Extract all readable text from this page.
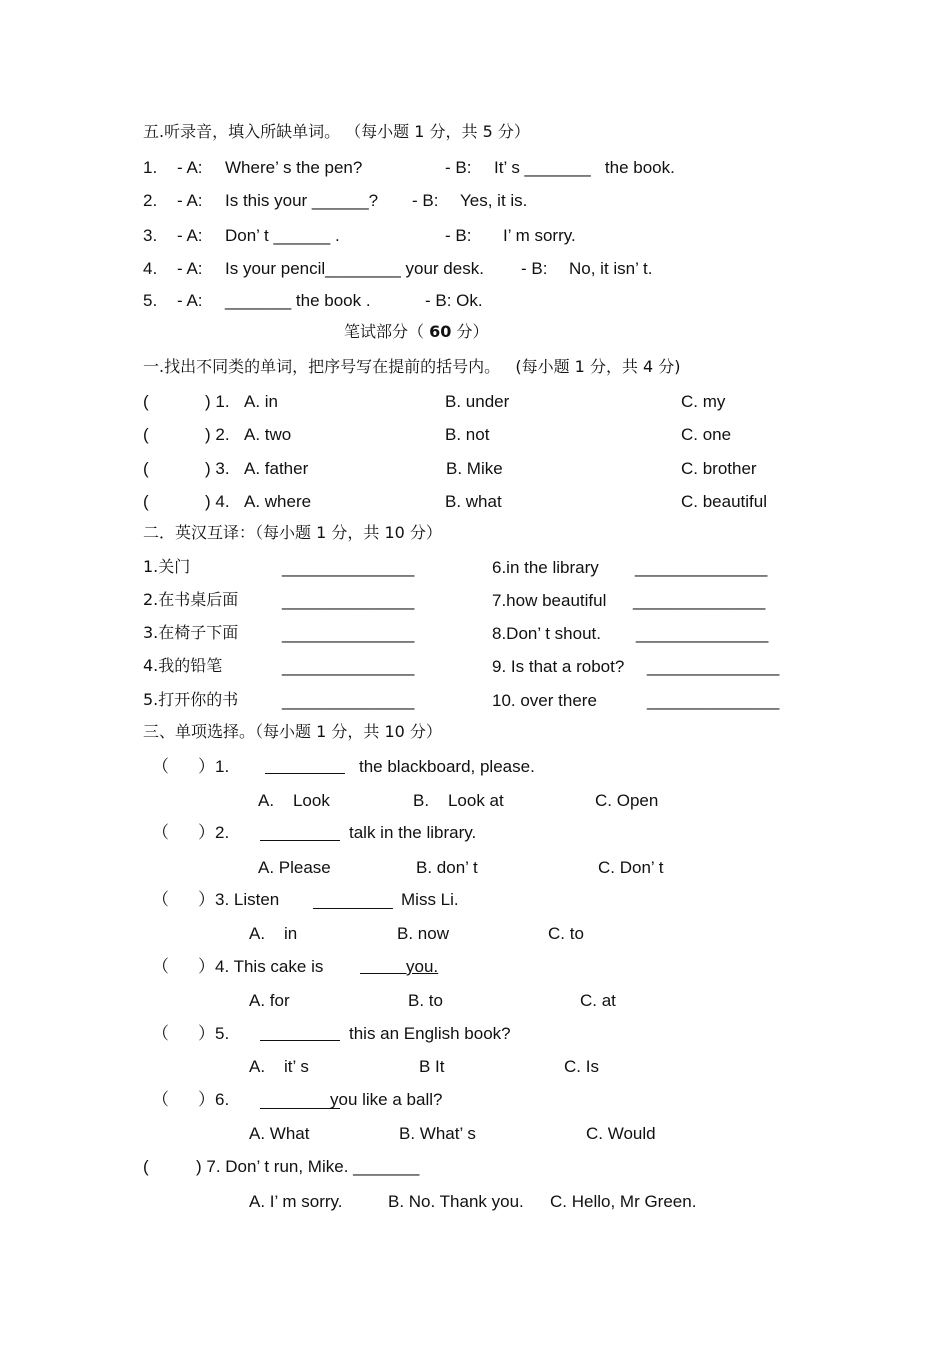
五.听录音，填入所缺单词。 （每小题 1 分，共 5 分）
1. - A: Where’ s the pen?	- B: It’ s _______   the book.
2. - A: Is this your ______? - B: Yes, it is.
3. - A: Don’ t ______ .	- B: I’ m sorry.
4. - A: Is your pencil________ your desk. - B: No, it isn’ t.
5. - A: _______ the book .	- B: Ok.
笔试部分（ 60 分）
一.找出不同类的单词，把序号写在提前的括号内。   (每小题 1 分，共 4 分)
(	) 1. A. in	B. under	C. my
(	) 2. A. two	B. not	C. one
(	) 3. A. father	B. Mike	C. brother
(	) 4. A. where	B. what	C. beautiful
二．英汉互译：（每小题 1 分，共 10 分）
1.关门	______________	6.in the library ______________
2.在书桌后面	______________	7.how beautiful ______________
3.在椅子下面	______________	8.Don’ t shout. ______________
4.我的铅笔	______________	9. Is that a robot? ______________
5.打开你的书	______________	10. over there	______________
三、单项选择。（每小题 1 分，共 10 分）
（ ）1.	the blackboard, please.
A.    Look	B.    Look at	C. Open
（ ）2.	talk in the library.
A. Please	B. don’ t	C. Don’ t
（ ）3. Listen	Miss Li.
A.    in	B. now	C. to
（ ）4. This cake is	you.
A. for	B. to	C. at
（ ）5.	this an English book?
A.    it’ s	B It	C. Is
（ ）6.	you like a ball?
A. What	B. What’ s	C. Would
(	) 7. Don’ t run, Mike. _______
A. I’ m sorry.	B. No. Thank you. C. Hello, Mr Green.
